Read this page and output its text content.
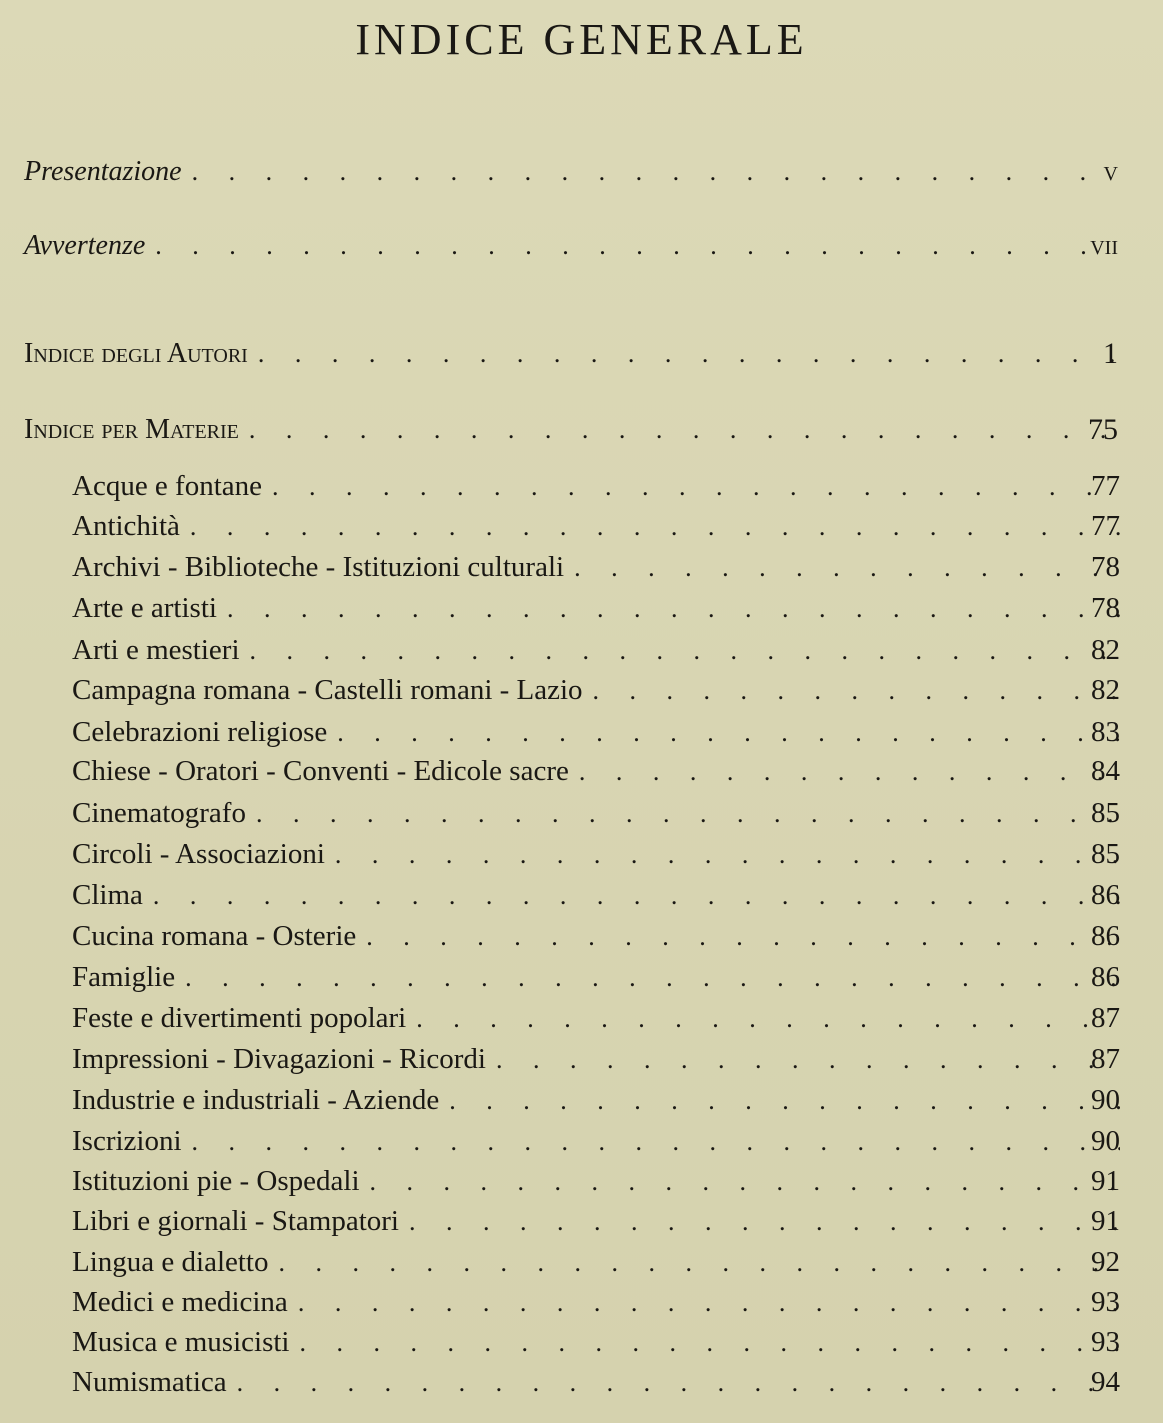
INDICE GENERALE
Presentazione . . .	v
Avvertenze . . .	vii
Indice degli Autori . . .	1
Indice per Materie . . .	75
Acque e fontane . . .	77
Antichità . . .	77
Archivi - Biblioteche - Istituzioni culturali . . .	78
Arte e artisti . . .	78
Arti e mestieri . . .	82
Campagna romana - Castelli romani - Lazio . . .	82
Celebrazioni religiose . . .	83
Chiese - Oratori - Conventi - Edicole sacre . . .	84
Cinematografo . . .	85
Circoli - Associazioni . . .	85
Clima . . .	86
Cucina romana - Osterie . . .	86
Famiglie . . .	86
Feste e divertimenti popolari . . .	87
Impressioni - Divagazioni - Ricordi . . .	87
Industrie e industriali - Aziende . . .	90
Iscrizioni . . .	90
Istituzioni pie - Ospedali . . .	91
Libri e giornali - Stampatori . . .	91
Lingua e dialetto . . .	92
Medici e medicina . . .	93
Musica e musicisti . . .	93
Numismatica . . .	94
